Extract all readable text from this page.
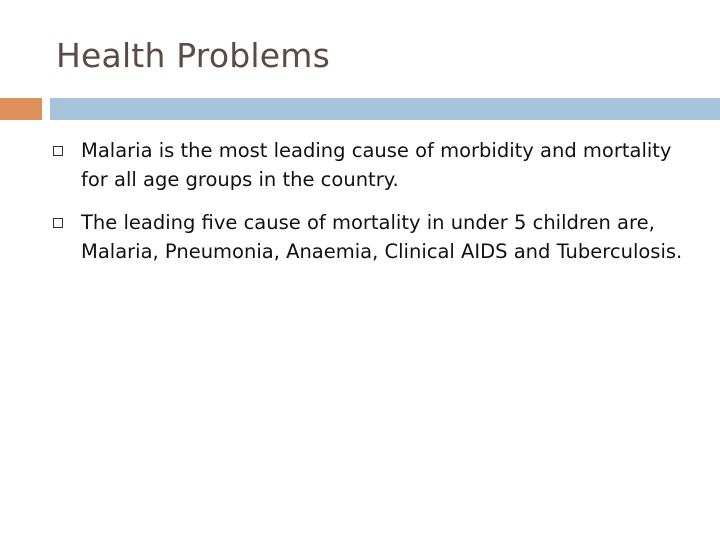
Health Problems
Malaria is the most leading cause of morbidity and mortality for all age groups in the country.
The leading five cause of mortality in under 5 children are, Malaria, Pneumonia, Anaemia, Clinical AIDS and Tuberculosis.
